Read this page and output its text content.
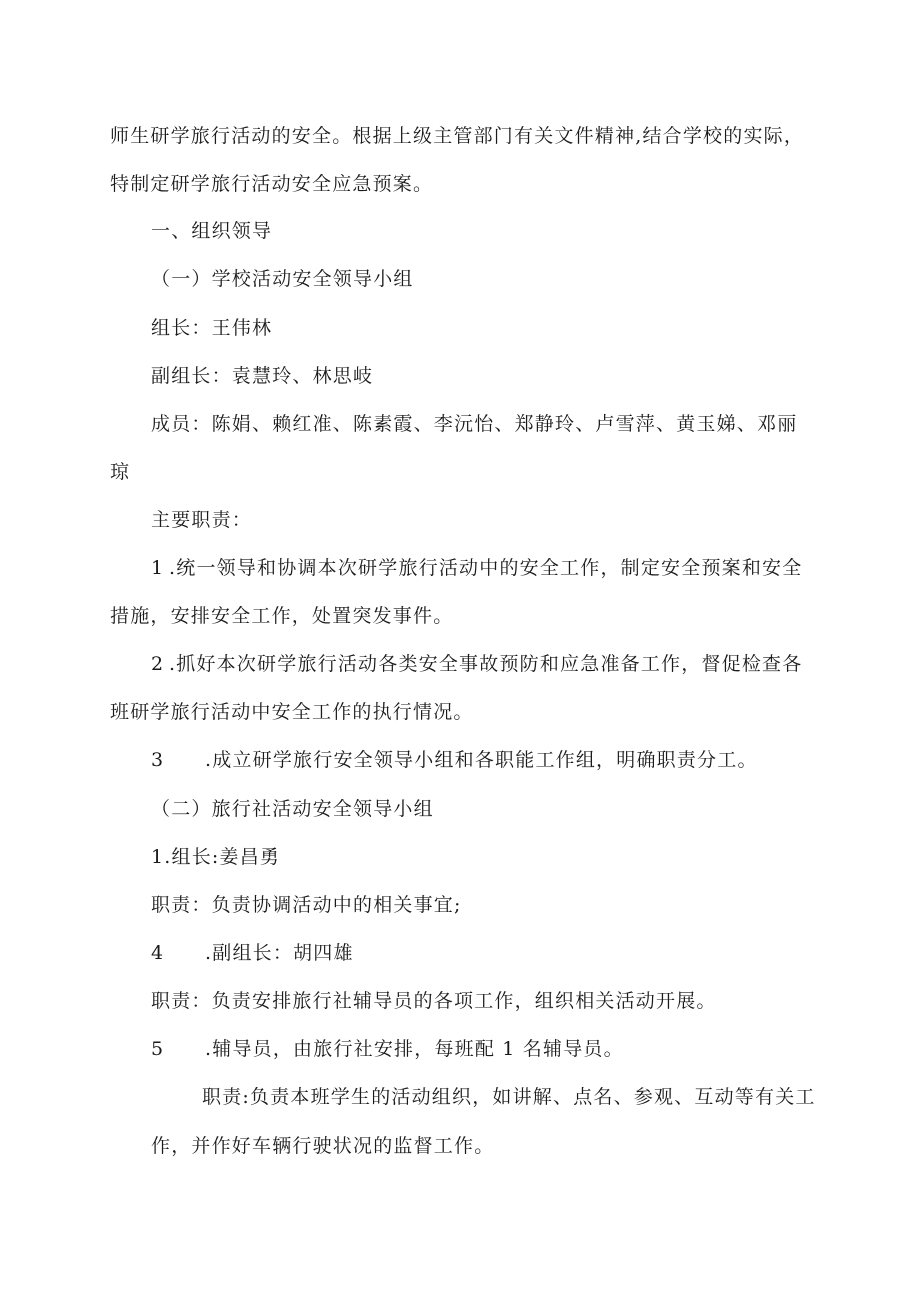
师生研学旅行活动的安全。根据上级主管部门有关文件精神,结合学校的实际，
特制定研学旅行活动安全应急预案。
一、组织领导
（一）学校活动安全领导小组
组长：王伟林
副组长：袁慧玲、林思岐
成员：陈娟、赖红准、陈素霞、李沅怡、郑静玲、卢雪萍、黄玉娣、邓丽
琼
主要职责：
1 .统一领导和协调本次研学旅行活动中的安全工作，制定安全预案和安全
措施，安排安全工作，处置突发事件。
2 .抓好本次研学旅行活动各类安全事故预防和应急准备工作，督促检查各
班研学旅行活动中安全工作的执行情况。
3 .成立研学旅行安全领导小组和各职能工作组，明确职责分工。
（二）旅行社活动安全领导小组
1.组长:姜昌勇
职责：负责协调活动中的相关事宜;
4 .副组长：胡四雄
职责：负责安排旅行社辅导员的各项工作，组织相关活动开展。
5 .辅导员，由旅行社安排，每班配 1 名辅导员。
职责:负责本班学生的活动组织，如讲解、点名、参观、互动等有关工
作，并作好车辆行驶状况的监督工作。
